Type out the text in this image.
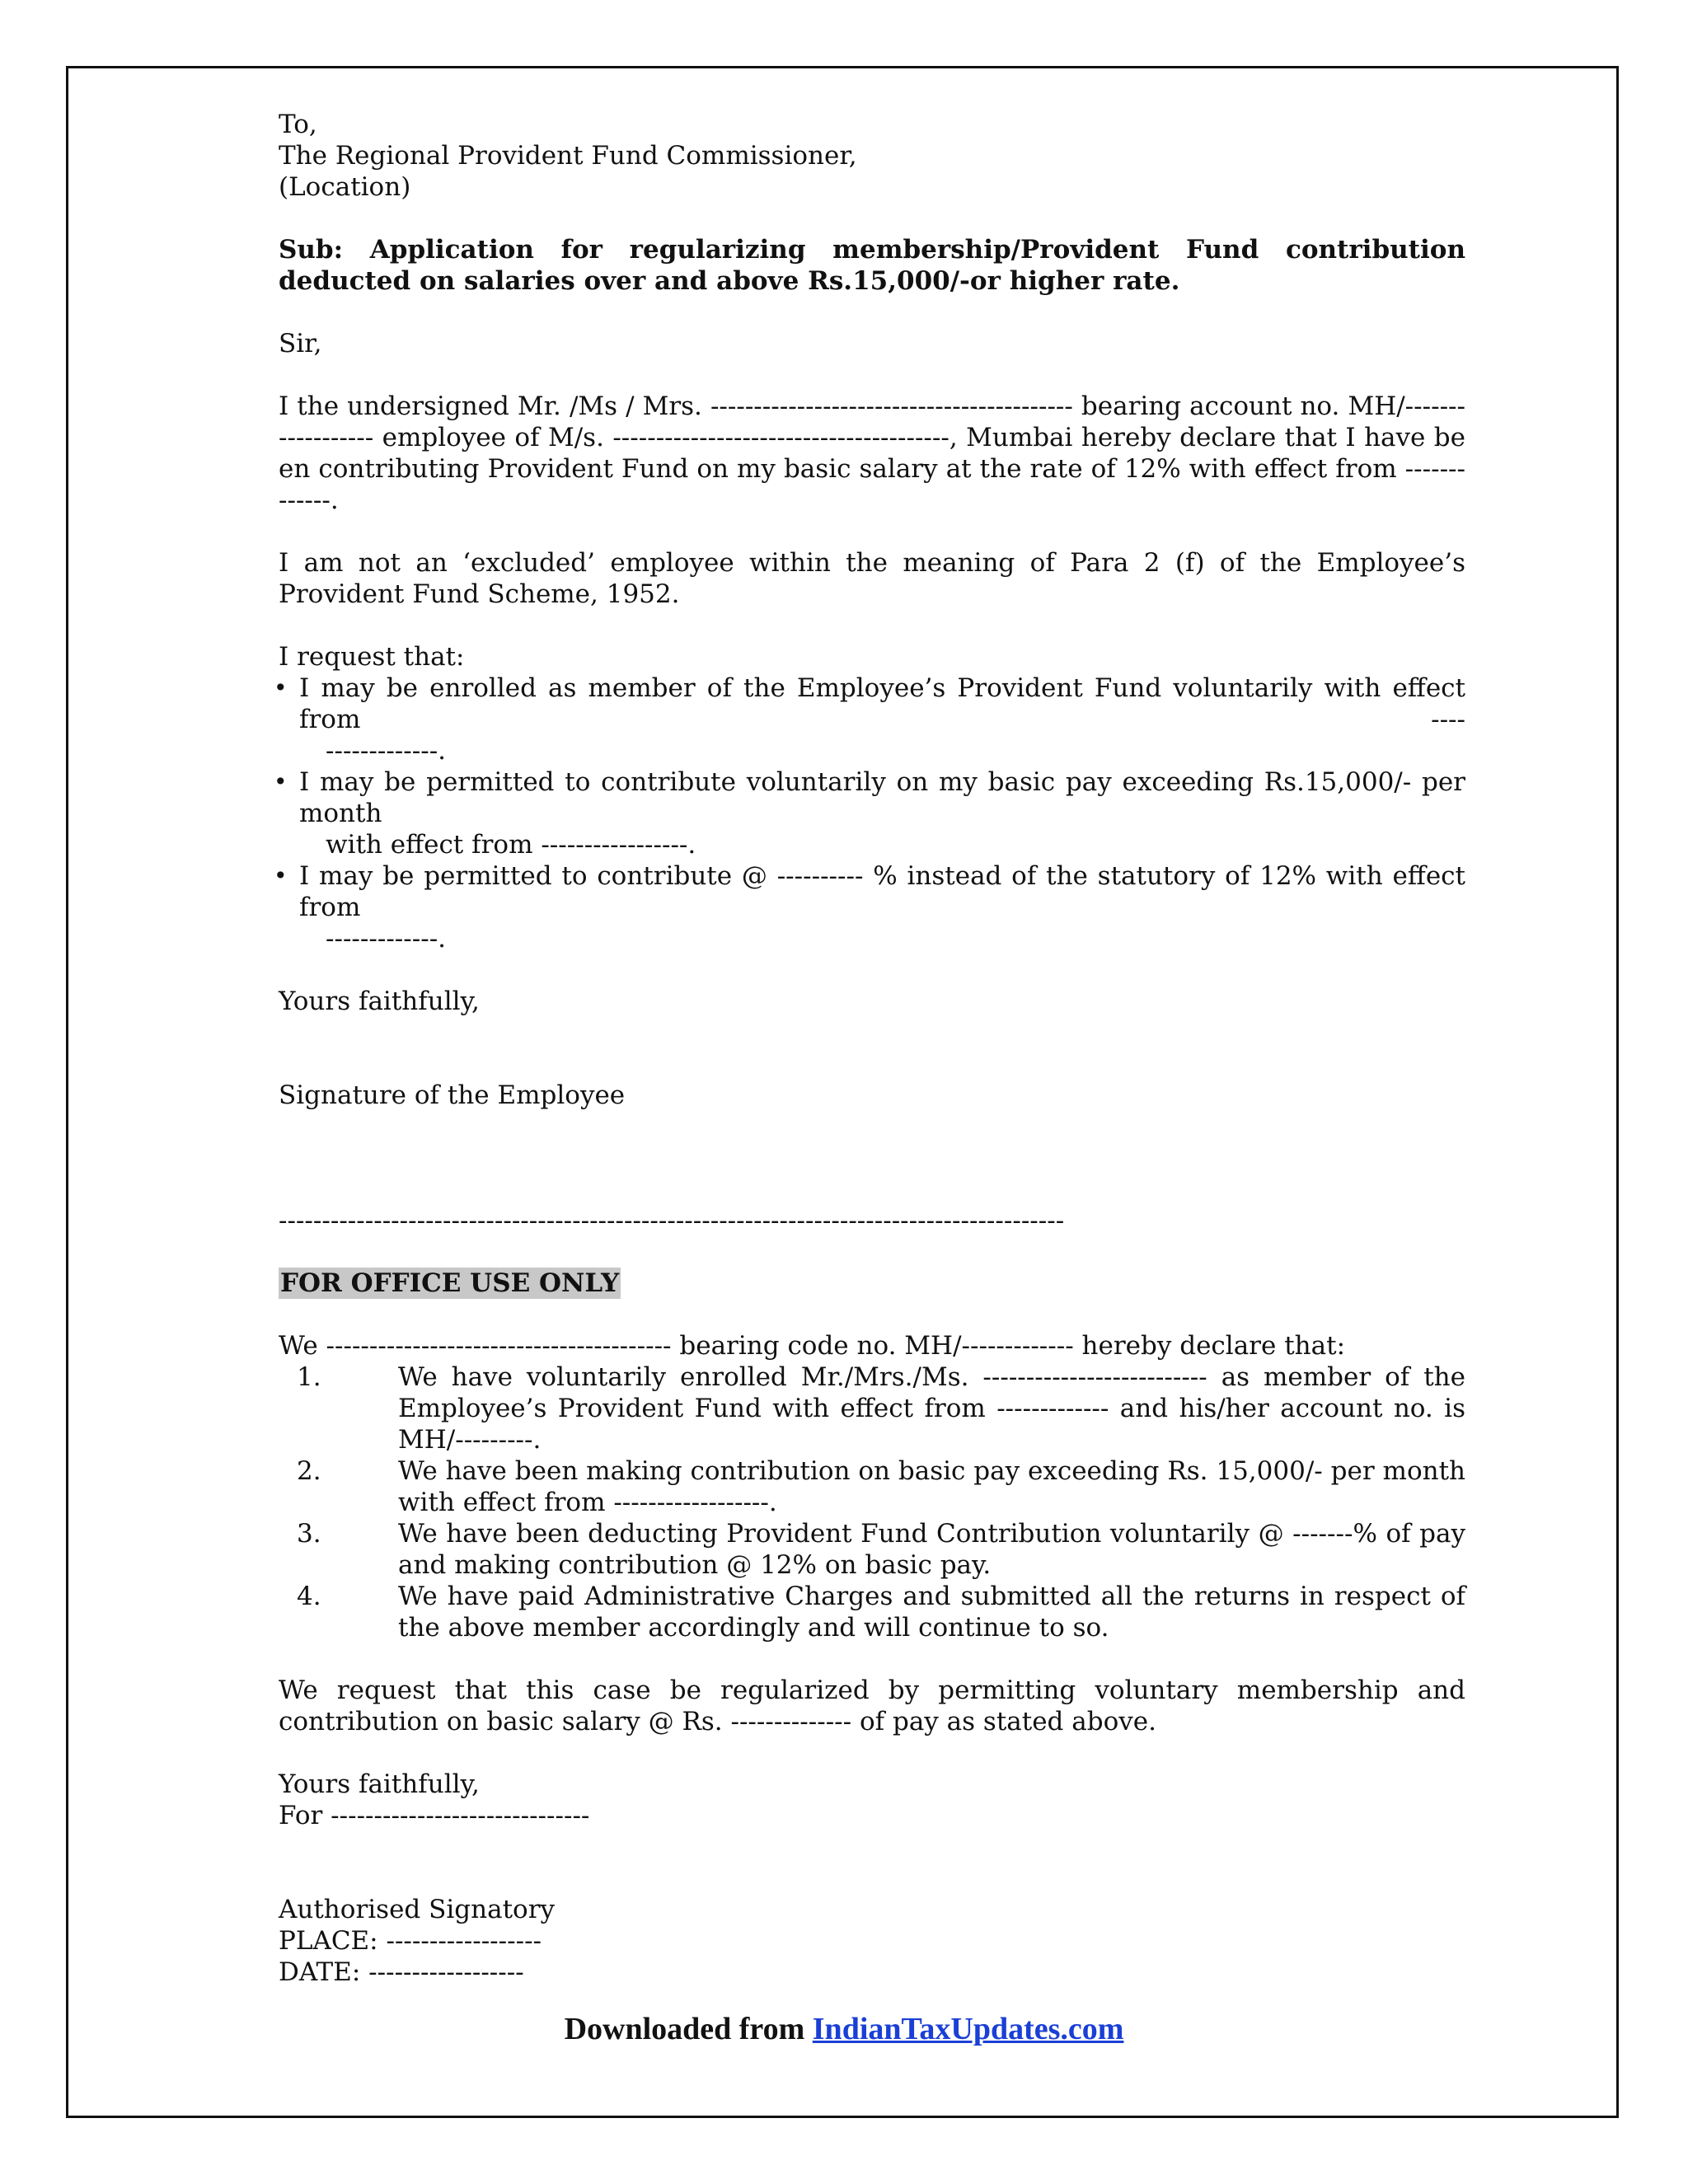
To,

The Regional Provident Fund Commissioner,

(Location)

Sub: Application for regularizing membership/Provident Fund contribution deducted on salaries over and above Rs.15,000/-or higher rate.

Sir,

I the undersigned Mr. /Ms / Mrs. ------------------------------------------ bearing account no. MH/------------------ employee of M/s. ---------------------------------------, Mumbai hereby declare that I have been contributing Provident Fund on my basic salary at the rate of 12% with effect from -------------.

I am not an ‘excluded’ employee within the meaning of Para 2 (f) of the Employee’s Provident Fund Scheme, 1952.

I request that:

• I may be enrolled as member of the Employee’s Provident Fund voluntarily with effect from ----
-------------.
• I may be permitted to contribute voluntarily on my basic pay exceeding Rs.15,000/- per month
with effect from -----------------.
• I may be permitted to contribute @ ---------- % instead of the statutory of 12% with effect from
-------------.

Yours faithfully,

Signature of the Employee

-------------------------------------------------------------------------------------------

FOR OFFICE USE ONLY

We ---------------------------------------- bearing code no. MH/------------- hereby declare that:

1.	We have voluntarily enrolled Mr./Mrs./Ms. -------------------------- as member of the Employee’s Provident Fund with effect from ------------- and his/her account no. is MH/---------.
2.	We have been making contribution on basic pay exceeding Rs. 15,000/- per month with effect from ------------------.
3.	We have been deducting Provident Fund Contribution voluntarily @ -------% of pay and making contribution @ 12% on basic pay.
4.	We have paid Administrative Charges and submitted all the returns in respect of the above member accordingly and will continue to so.

We request that this case be regularized by permitting voluntary membership and contribution on basic salary @ Rs. -------------- of pay as stated above.

Yours faithfully,

For ------------------------------

Authorised Signatory

PLACE: ------------------

DATE: ------------------

Downloaded from IndianTaxUpdates.com
